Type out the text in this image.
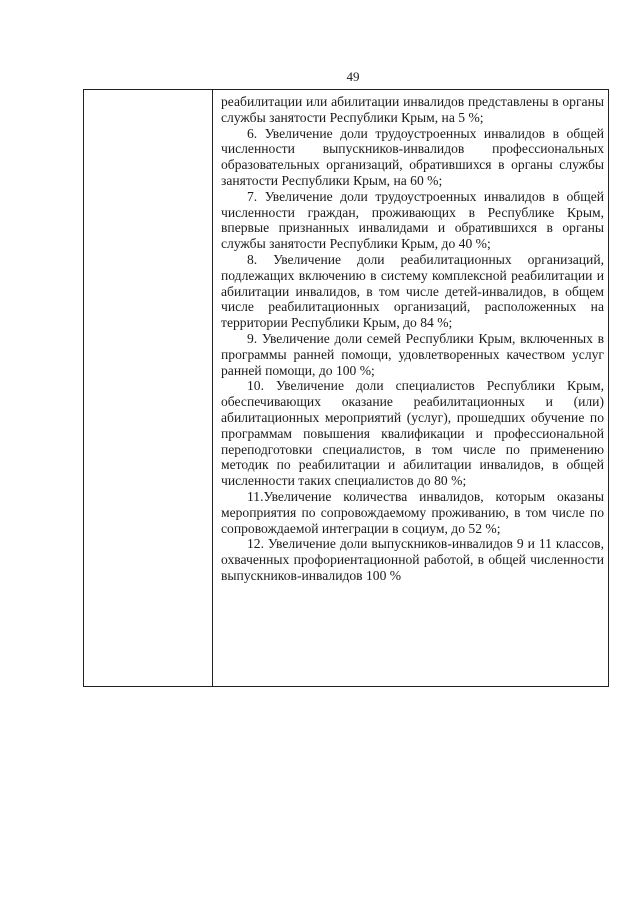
49

реабилитации или абилитации инвалидов представлены в органы службы занятости Республики Крым, на 5 %;

6. Увеличение доли трудоустроенных инвалидов в общей численности выпускников-инвалидов профессиональных образовательных организаций, обратившихся в органы службы занятости Республики Крым, на 60 %;

7. Увеличение доли трудоустроенных инвалидов в общей численности граждан, проживающих в Республике Крым, впервые признанных инвалидами и обратившихся в органы службы занятости Республики Крым, до 40 %;

8. Увеличение доли реабилитационных организаций, подлежащих включению в систему комплексной реабилитации и абилитации инвалидов, в том числе детей-инвалидов, в общем числе реабилитационных организаций, расположенных на территории Республики Крым, до 84 %;

9. Увеличение доли семей Республики Крым, включенных в программы ранней помощи, удовлетворенных качеством услуг ранней помощи, до 100 %;

10. Увеличение доли специалистов Республики Крым, обеспечивающих оказание реабилитационных и (или) абилитационных мероприятий (услуг), прошедших обучение по программам повышения квалификации и профессиональной переподготовки специалистов, в том числе по применению методик по реабилитации и абилитации инвалидов, в общей численности таких специалистов до 80 %;

11.Увеличение количества инвалидов, которым оказаны мероприятия по сопровождаемому проживанию, в том числе по сопровождаемой интеграции в социум, до 52 %;

12. Увеличение доли выпускников-инвалидов 9 и 11 классов, охваченных профориентационной работой, в общей численности выпускников-инвалидов 100 %
